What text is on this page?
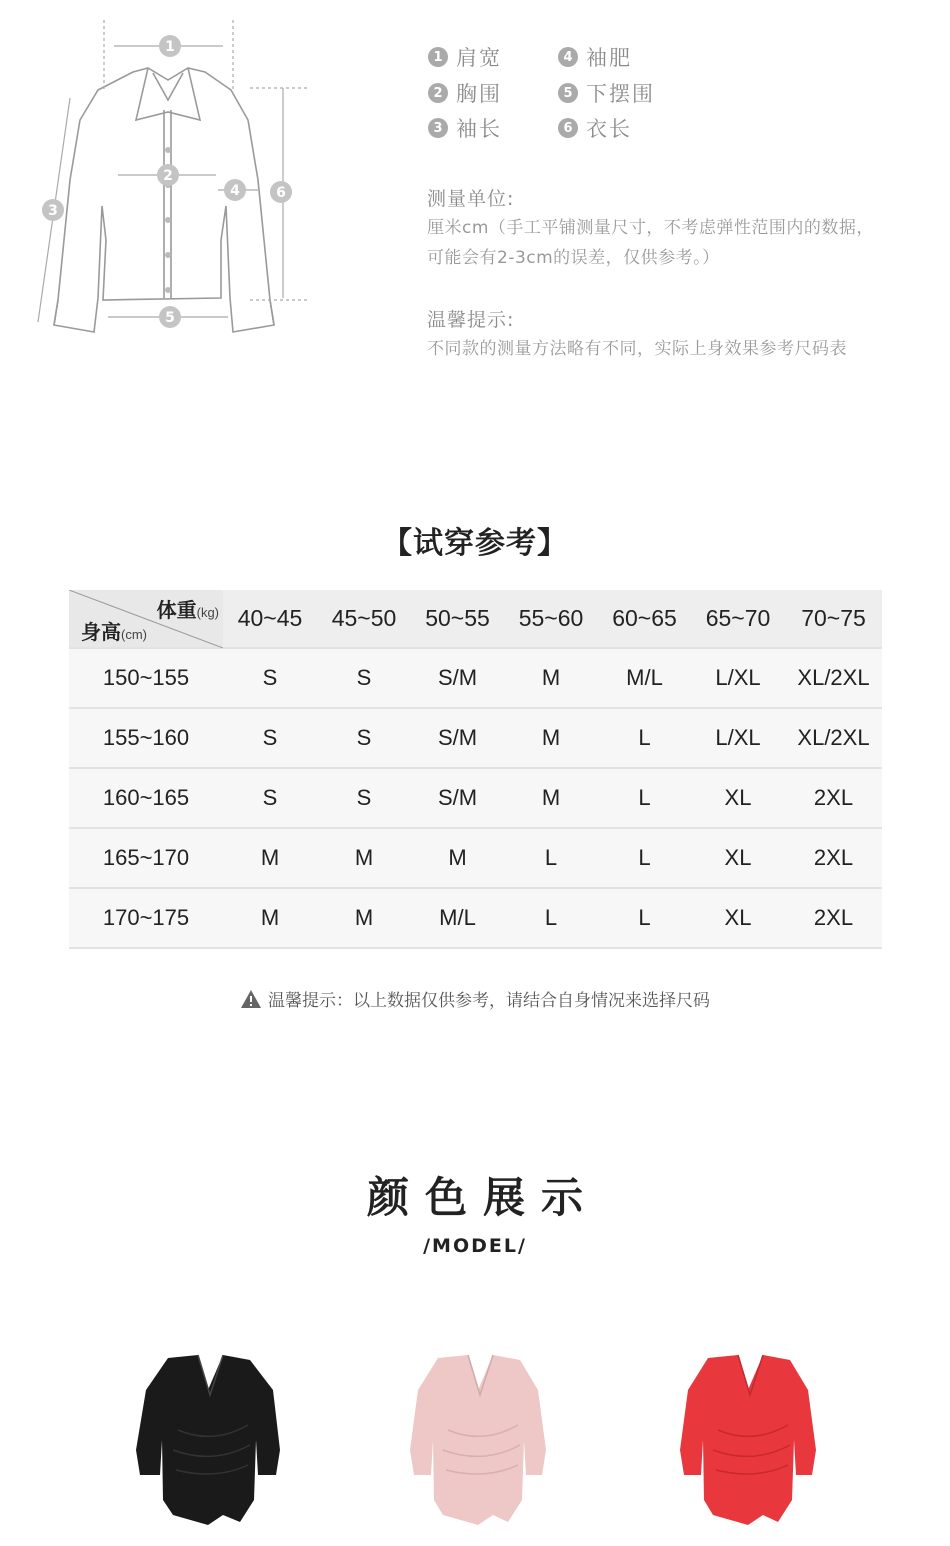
1
2
3
4
5
6
1 肩宽
2 胸围
3 袖长
4 袖肥
5 下摆围
6 衣长
测量单位:
厘米cm（手工平铺测量尺寸，不考虑弹性范围内的数据，
可能会有2-3cm的误差，仅供参考。）
温馨提示:
不同款的测量方法略有不同，实际上身效果参考尺码表
【试穿参考】
体重(kg)
身高(cm)	40~45	45~50	50~55	55~60	60~65	65~70	70~75
150~155	S	S	S/M	M	M/L	L/XL	XL/2XL
155~160	S	S	S/M	M	L	L/XL	XL/2XL
160~165	S	S	S/M	M	L	XL	2XL
165~170	M	M	M	L	L	XL	2XL
170~175	M	M	M/L	L	L	XL	2XL
温馨提示：以上数据仅供参考，请结合自身情况来选择尺码
颜色展示
/MODEL/
